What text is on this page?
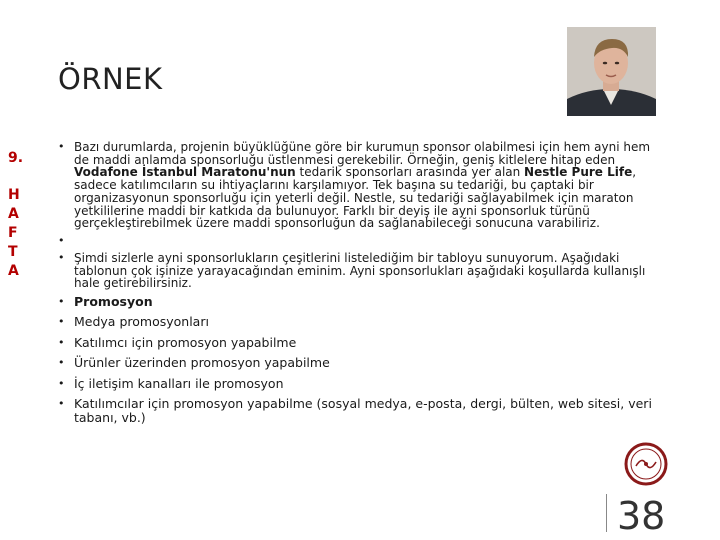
ÖRNEK
9.
H
A
F
T
A
• Bazı durumlarda, projenin büyüklüğüne göre bir kurumun sponsor olabilmesi için hem ayni hem de maddi anlamda sponsorluğu üstlenmesi gerekebilir. Örneğin, geniş kitlelere hitap eden Vodafone İstanbul Maratonu'nun tedarik sponsorları arasında yer alan Nestle Pure Life, sadece katılımcıların su ihtiyaçlarını karşılamıyor. Tek başına su tedariği, bu çaptaki bir organizasyonun sponsorluğu için yeterli değil. Nestle, su tedariği sağlayabilmek için maraton yetkililerine maddi bir katkıda da bulunuyor. Farklı bir deyiş ile ayni sponsorluk türünü gerçekleştirebilmek üzere maddi sponsorluğun da sağlanabileceği sonucuna varabiliriz.
•
• Şimdi sizlerle ayni sponsorlukların çeşitlerini listelediğim bir tabloyu sunuyorum. Aşağıdaki tablonun çok işinize yarayacağından eminim. Ayni sponsorlukları aşağıdaki koşullarda kullanışlı hale getirebilirsiniz.
• Promosyon
• Medya promosyonları
• Katılımcı için promosyon yapabilme
• Ürünler üzerinden promosyon yapabilme
• İç iletişim kanalları ile promosyon
• Katılımcılar için promosyon yapabilme (sosyal medya, e-posta, dergi, bülten, web sitesi, veri tabanı, vb.)
38
